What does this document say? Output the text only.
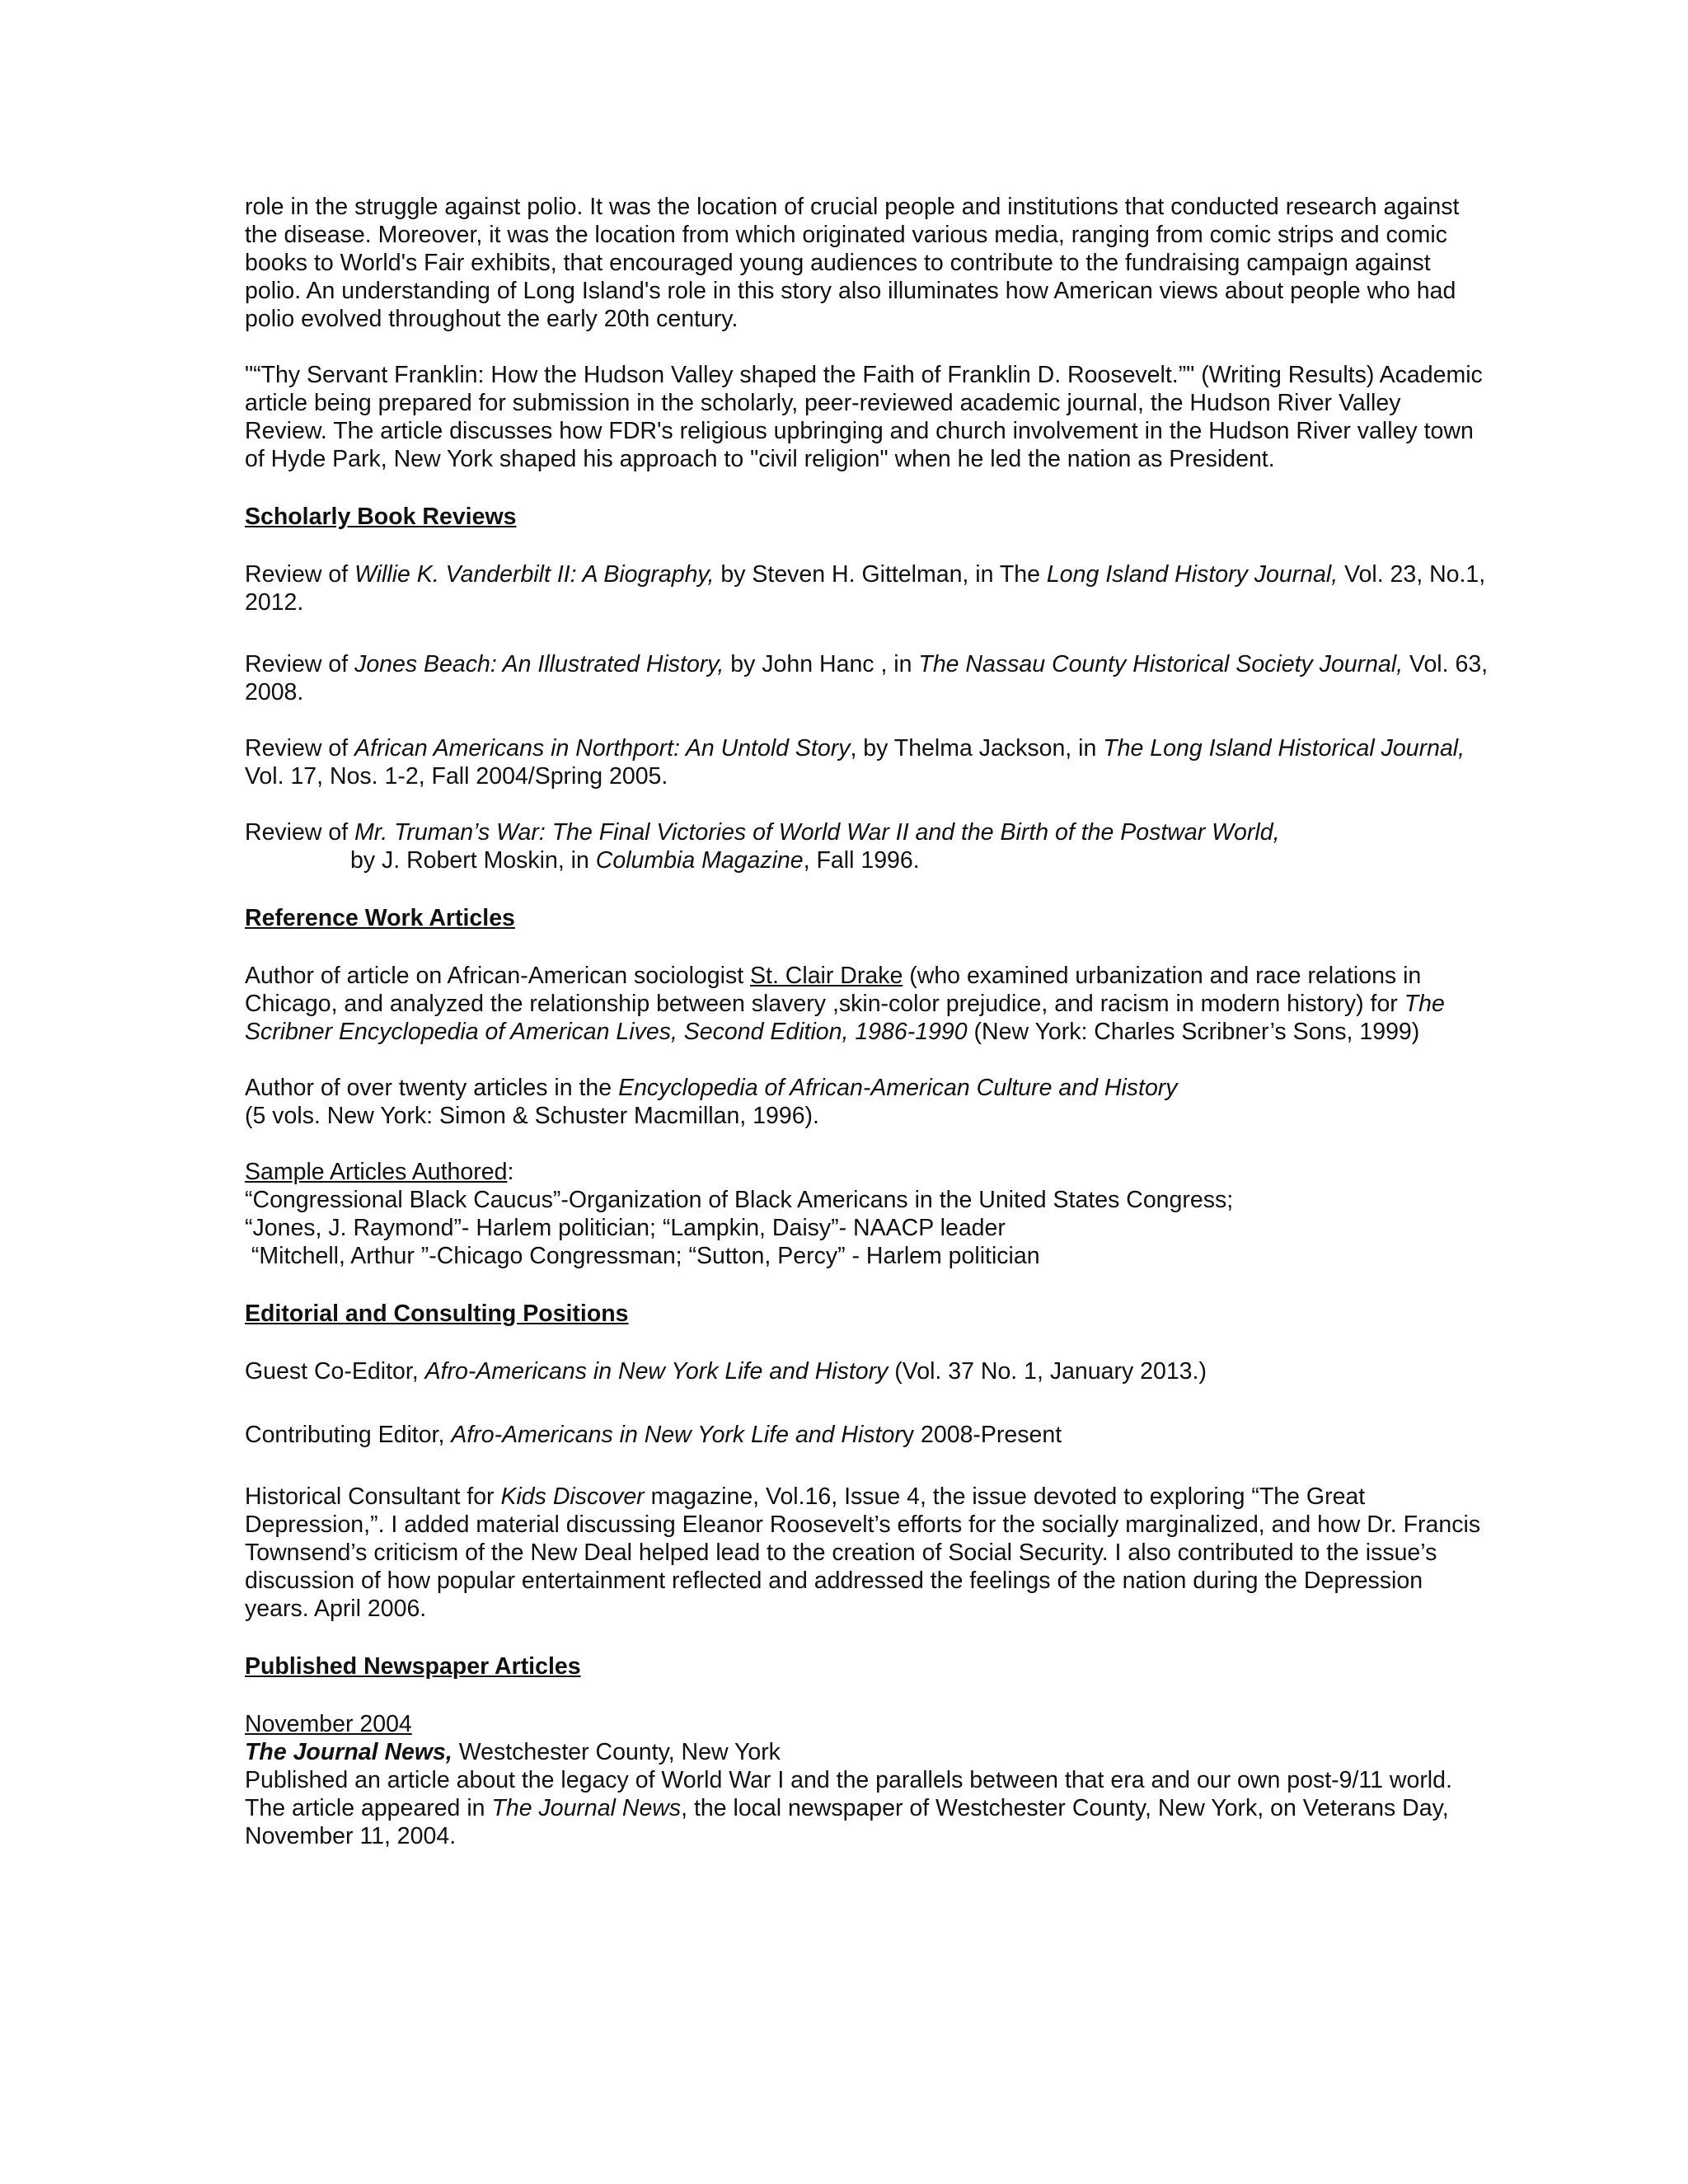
role in the struggle against polio. It was the location of crucial people and institutions that conducted research against the disease. Moreover, it was the location from which originated various media, ranging from comic strips and comic books to World's Fair exhibits, that encouraged young audiences to contribute to the fundraising campaign against polio. An understanding of Long Island's role in this story also illuminates how American views about people who had polio evolved throughout the early 20th century.

"“Thy Servant Franklin: How the Hudson Valley shaped the Faith of Franklin D. Roosevelt.”" (Writing Results) Academic article being prepared for submission in the scholarly, peer-reviewed academic journal, the Hudson River Valley Review. The article discusses how FDR's religious upbringing and church involvement in the Hudson River valley town of Hyde Park, New York shaped his approach to "civil religion" when he led the nation as President.

Scholarly Book Reviews

Review of Willie K. Vanderbilt II: A Biography, by Steven H. Gittelman, in The Long Island History Journal, Vol. 23, No.1, 2012.

Review of Jones Beach: An Illustrated History, by John Hanc , in The Nassau County Historical Society Journal, Vol. 63, 2008.

Review of African Americans in Northport: An Untold Story, by Thelma Jackson, in The Long Island Historical Journal, Vol. 17, Nos. 1-2, Fall 2004/Spring 2005.

Review of Mr. Truman’s War: The Final Victories of World War II and the Birth of the Postwar World,
by J. Robert Moskin, in Columbia Magazine, Fall 1996.

Reference Work Articles

Author of article on African-American sociologist St. Clair Drake (who examined urbanization and race relations in Chicago, and analyzed the relationship between slavery ,skin-color prejudice, and racism in modern history) for The Scribner Encyclopedia of American Lives, Second Edition, 1986-1990 (New York: Charles Scribner’s Sons, 1999)

Author of over twenty articles in the Encyclopedia of African-American Culture and History
(5 vols. New York: Simon & Schuster Macmillan, 1996).

Sample Articles Authored:

“Congressional Black Caucus”-Organization of Black Americans in the United States Congress;

“Jones, J. Raymond”- Harlem politician; “Lampkin, Daisy”- NAACP leader

“Mitchell, Arthur ”-Chicago Congressman; “Sutton, Percy” - Harlem politician

Editorial and Consulting Positions

Guest Co-Editor, Afro-Americans in New York Life and History (Vol. 37 No. 1, January 2013.)

Contributing Editor, Afro-Americans in New York Life and History 2008-Present

Historical Consultant for Kids Discover magazine, Vol.16, Issue 4, the issue devoted to exploring “The Great Depression,”. I added material discussing Eleanor Roosevelt’s efforts for the socially marginalized, and how Dr. Francis Townsend’s criticism of the New Deal helped lead to the creation of Social Security. I also contributed to the issue’s discussion of how popular entertainment reflected and addressed the feelings of the nation during the Depression years. April 2006.

Published Newspaper Articles

November 2004

The Journal News, Westchester County, New York

Published an article about the legacy of World War I and the parallels between that era and our own post-9/11 world. The article appeared in The Journal News, the local newspaper of Westchester County, New York, on Veterans Day, November 11, 2004.
